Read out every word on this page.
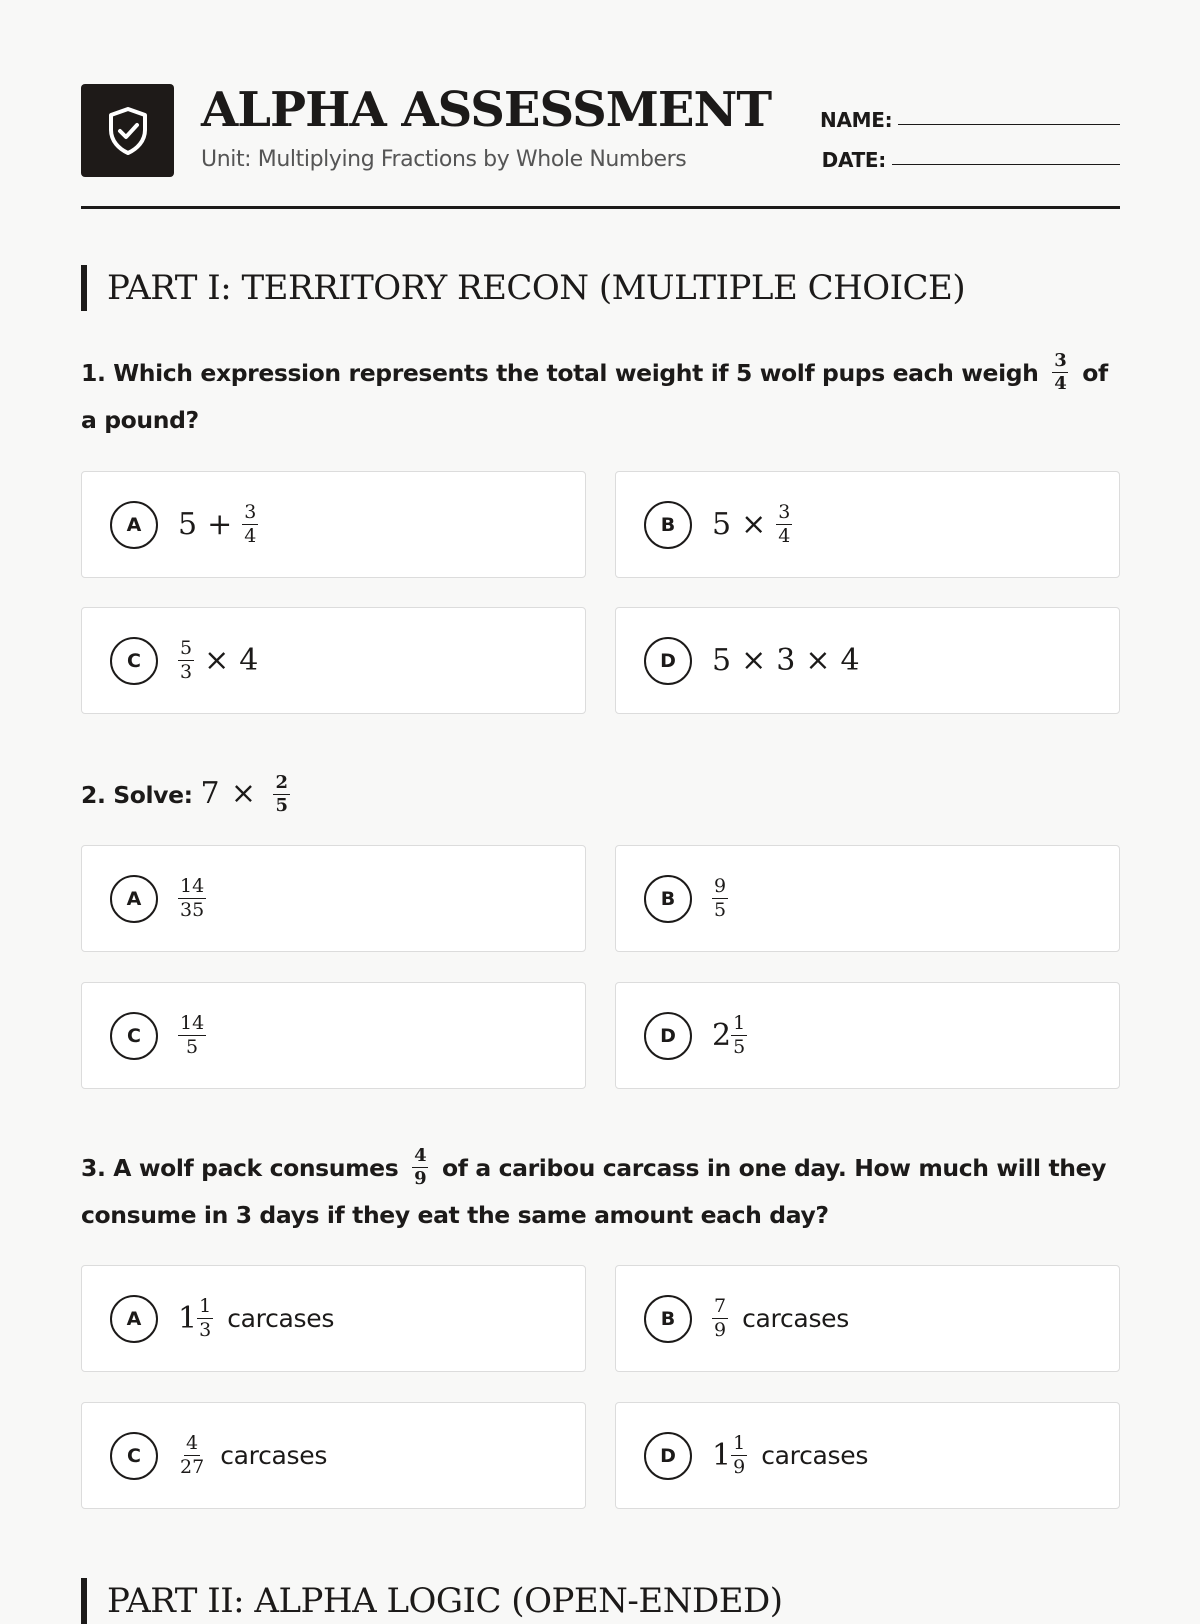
ALPHA ASSESSMENT
Unit: Multiplying Fractions by Whole Numbers
NAME:
DATE:
PART I: TERRITORY RECON (MULTIPLE CHOICE)
1. Which expression represents the total weight if 5 wolf pups each weigh $\frac{3}{4}$ of a pound?
A	$5 + \frac{3}{4}$	B	$5 \times \frac{3}{4}$
C	$\frac{5}{3} \times 4$	D	5 × 3 × 4
2. Solve: $7 \times \frac{2}{5}$
A	$\frac{14}{35}$	B	$\frac{9}{5}$
C	$\frac{14}{5}$	D	$2 \frac{1}{5}$
3. A wolf pack consumes $\frac{4}{9}$ of a caribou carcass in one day. How much will they consume in 3 days if they eat the same amount each day?
A	$1 \frac{1}{3}$ carcases	B	$\frac{7}{9}$ carcases
C	$\frac{4}{27}$ carcases	D	$1 \frac{1}{9}$ carcases
PART II: ALPHA LOGIC (OPEN-ENDED)
